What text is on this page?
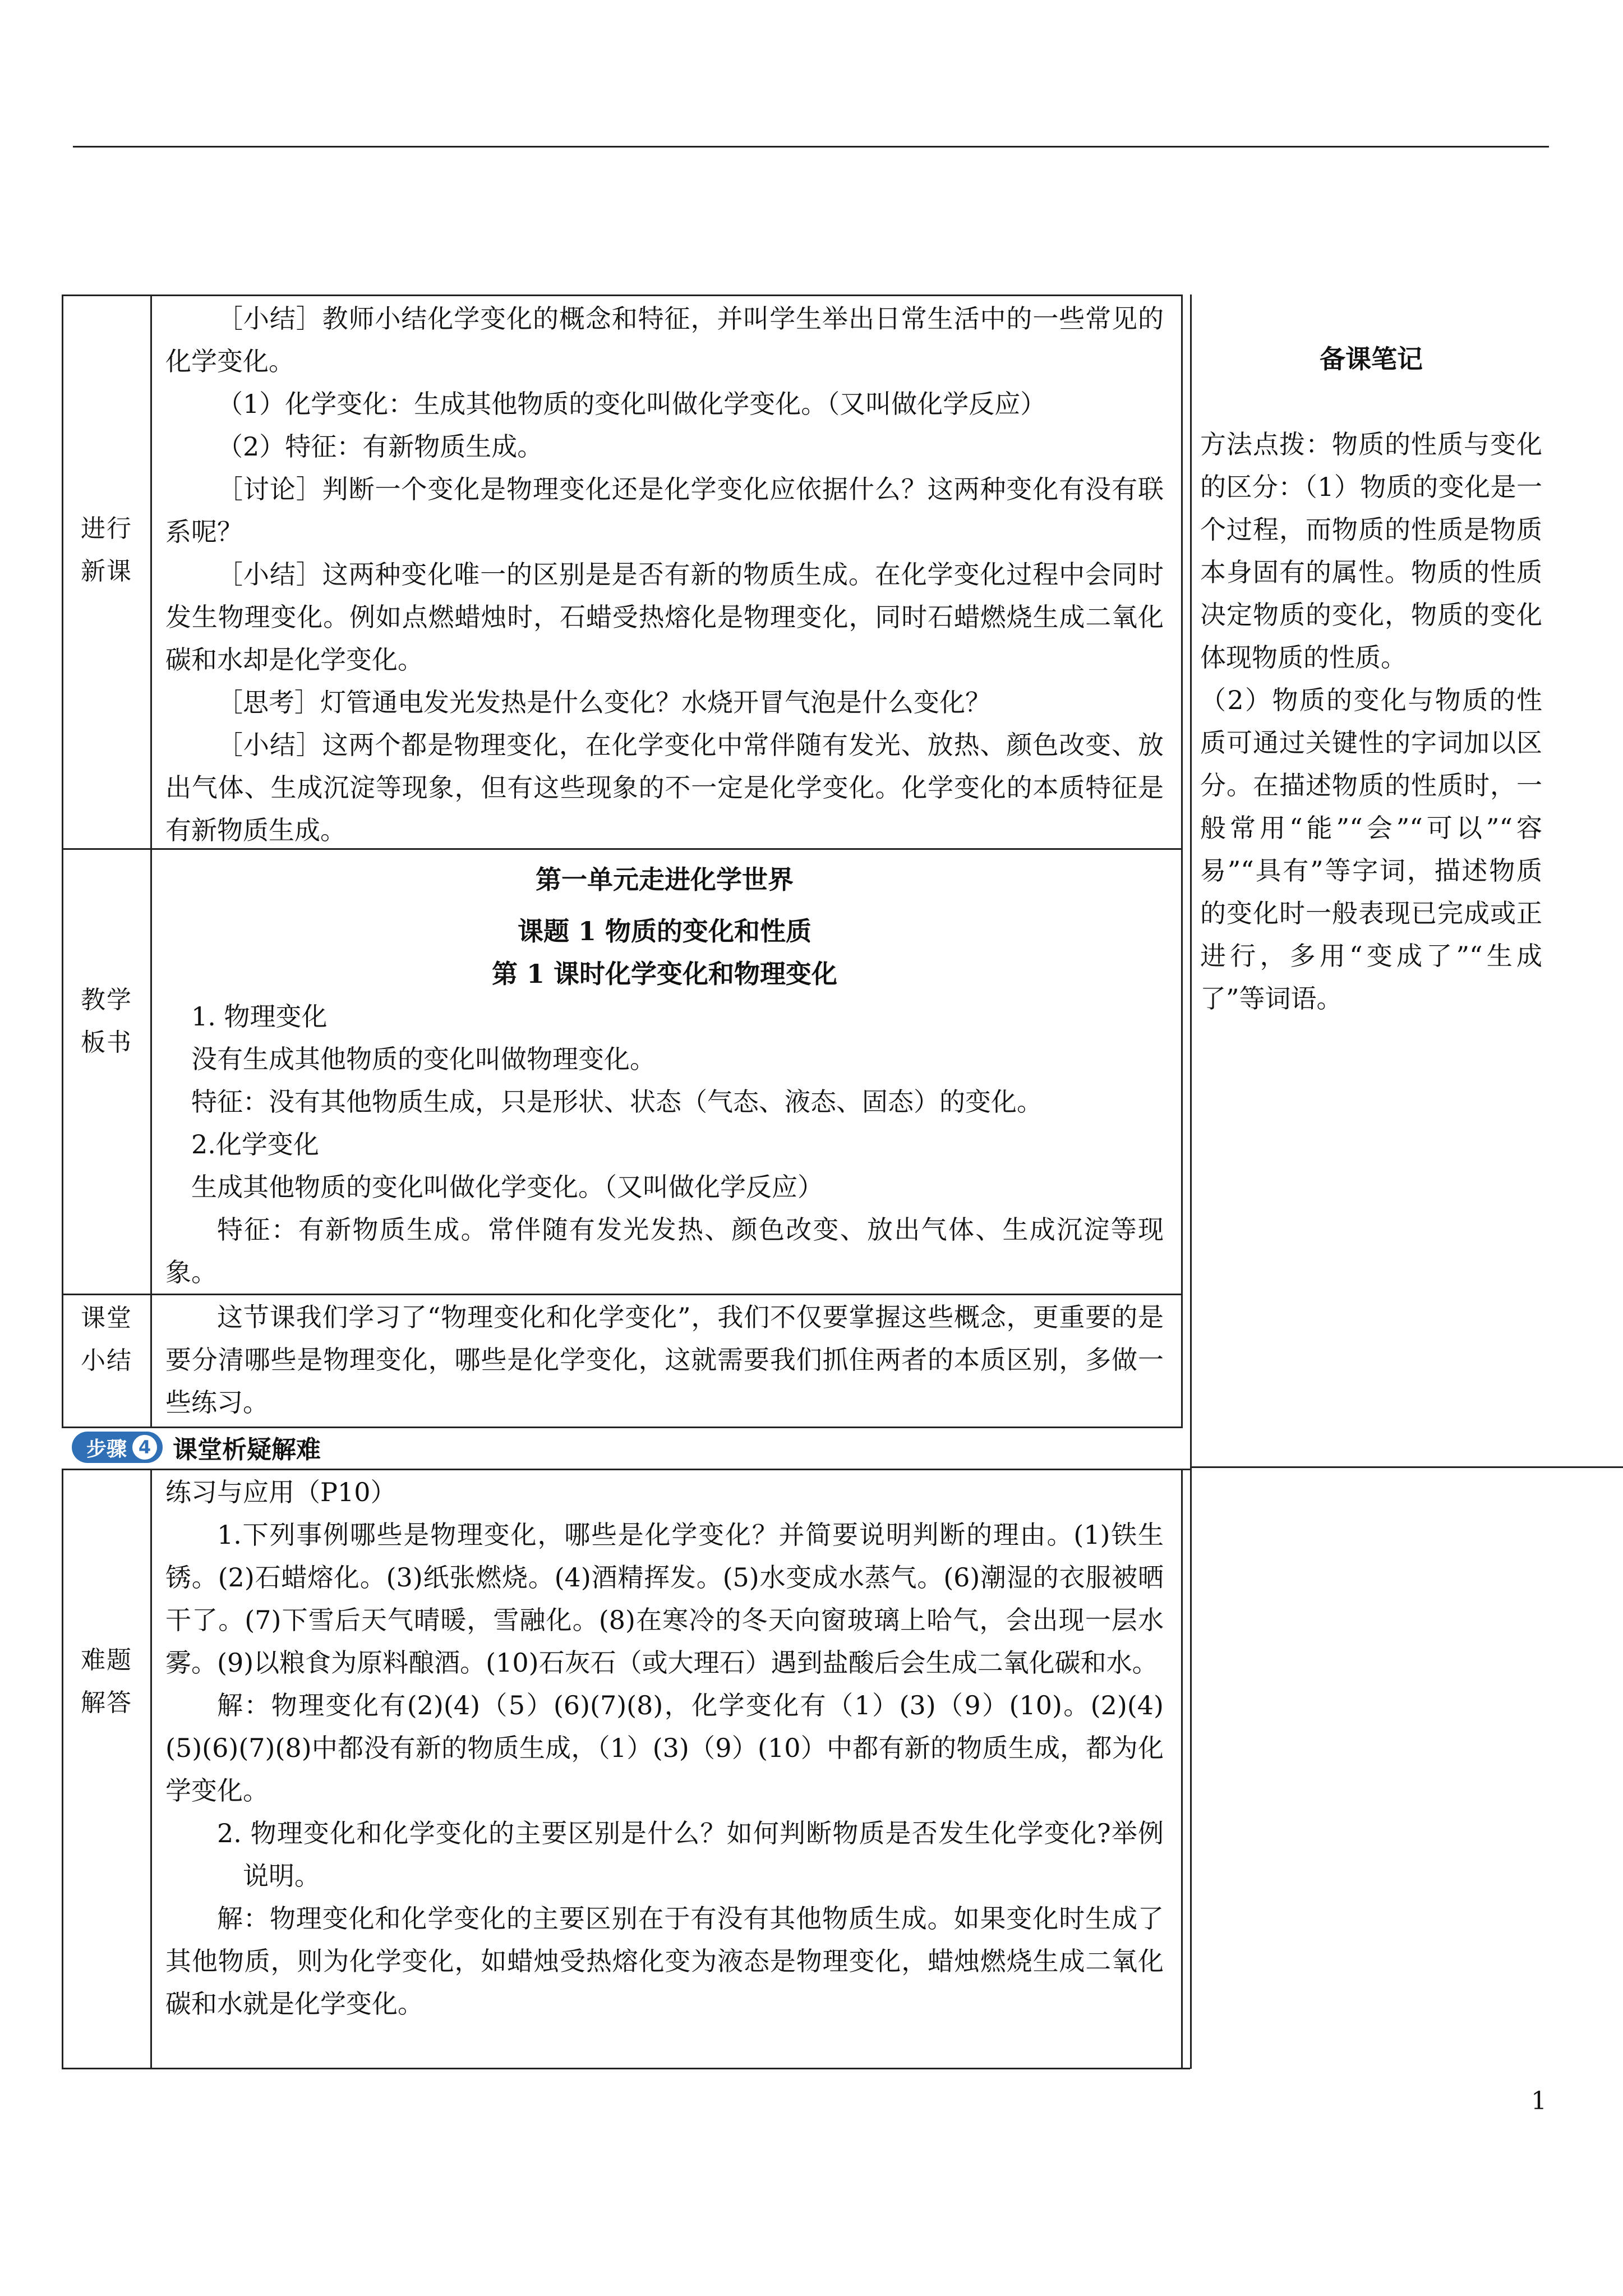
进行
新课

［小结］教师小结化学变化的概念和特征，并叫学生举出日常生活中的一些常见的化学变化。

（1）化学变化：生成其他物质的变化叫做化学变化。（又叫做化学反应）

（2）特征：有新物质生成。

［讨论］判断一个变化是物理变化还是化学变化应依据什么？这两种变化有没有联系呢？

［小结］这两种变化唯一的区别是是否有新的物质生成。在化学变化过程中会同时发生物理变化。例如点燃蜡烛时，石蜡受热熔化是物理变化，同时石蜡燃烧生成二氧化碳和水却是化学变化。

［思考］灯管通电发光发热是什么变化？水烧开冒气泡是什么变化？

［小结］这两个都是物理变化，在化学变化中常伴随有发光、放热、颜色改变、放出气体、生成沉淀等现象，但有这些现象的不一定是化学变化。化学变化的本质特征是有新物质生成。

教学
板书

第一单元走进化学世界

课题 1 物质的变化和性质

第 1 课时化学变化和物理变化

1. 物理变化

没有生成其他物质的变化叫做物理变化。

特征：没有其他物质生成，只是形状、状态（气态、液态、固态）的变化。

2.化学变化

生成其他物质的变化叫做化学变化。（又叫做化学反应）

特征：有新物质生成。常伴随有发光发热、颜色改变、放出气体、生成沉淀等现象。

课堂
小结

这节课我们学习了“物理变化和化学变化”，我们不仅要掌握这些概念，更重要的是要分清哪些是物理变化，哪些是化学变化，这就需要我们抓住两者的本质区别，多做一些练习。

步骤 4 课堂析疑解难
难题
解答

练习与应用（P10）

1.下列事例哪些是物理变化，哪些是化学变化？并简要说明判断的理由。(1)铁生锈。(2)石蜡熔化。(3)纸张燃烧。(4)酒精挥发。(5)水变成水蒸气。(6)潮湿的衣服被晒干了。(7)下雪后天气晴暖，雪融化。(8)在寒冷的冬天向窗玻璃上哈气，会出现一层水雾。(9)以粮食为原料酿酒。(10)石灰石（或大理石）遇到盐酸后会生成二氧化碳和水。

解：物理变化有(2)(4)（5）(6)(7)(8)，化学变化有（1）(3)（9）(10)。(2)(4)(5)(6)(7)(8)中都没有新的物质生成，（1）(3)（9）(10）中都有新的物质生成，都为化学变化。

2. 物理变化和化学变化的主要区别是什么？如何判断物质是否发生化学变化?举例说明。

解：物理变化和化学变化的主要区别在于有没有其他物质生成。如果变化时生成了其他物质，则为化学变化，如蜡烛受热熔化变为液态是物理变化，蜡烛燃烧生成二氧化碳和水就是化学变化。

备课笔记

方法点拨：物质的性质与变化的区分：（1）物质的变化是一个过程，而物质的性质是物质本身固有的属性。物质的性质决定物质的变化，物质的变化体现物质的性质。

（2）物质的变化与物质的性质可通过关键性的字词加以区分。在描述物质的性质时，一般常用“能”“会”“可以”“容易”“具有”等字词，描述物质的变化时一般表现已完成或正进行，多用“变成了”“生成了”等词语。

1
